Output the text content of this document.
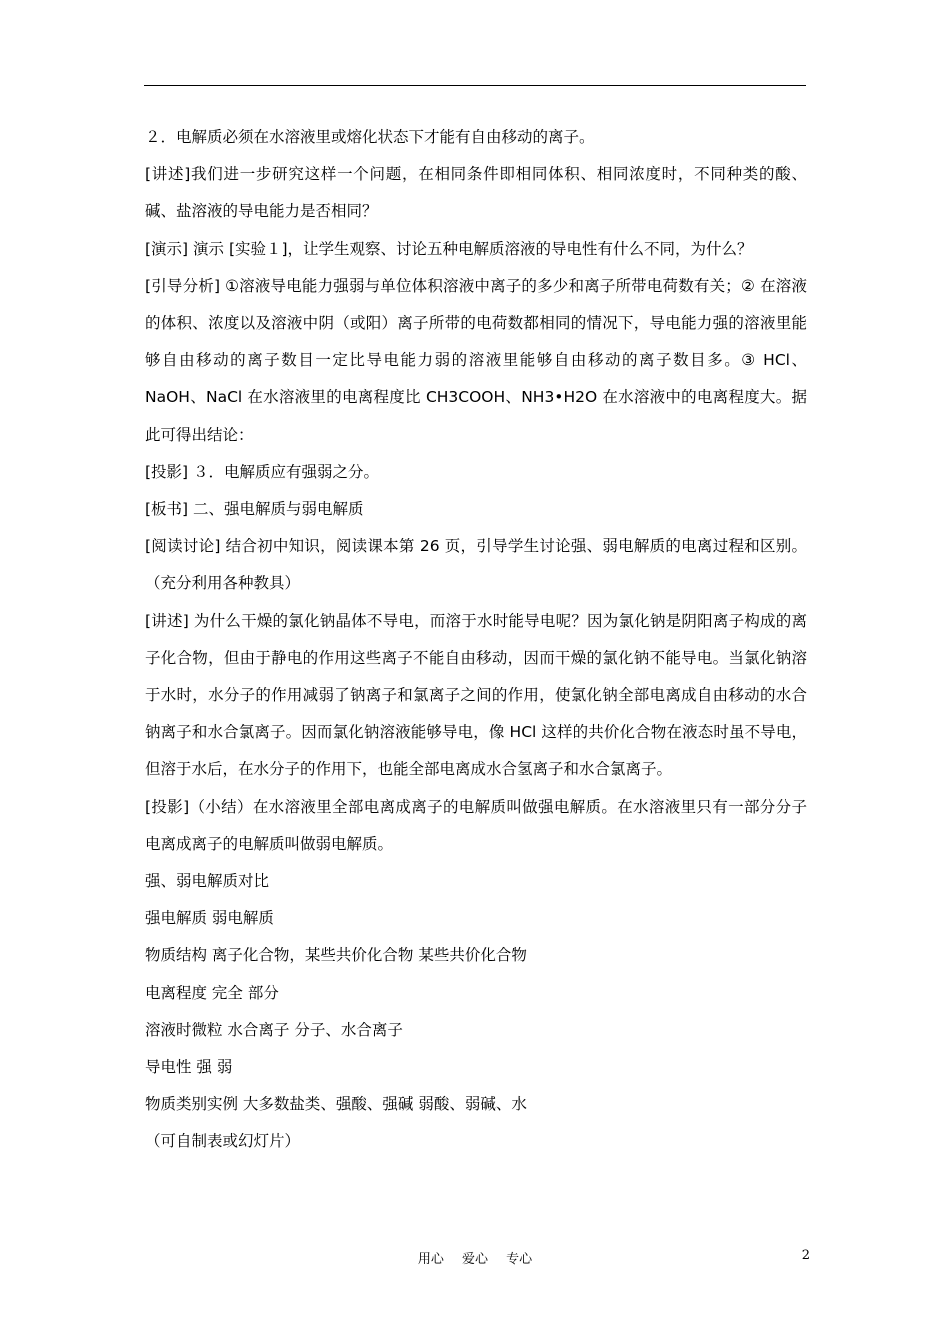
２．电解质必须在水溶液里或熔化状态下才能有自由移动的离子。

[讲述]我们进一步研究这样一个问题，在相同条件即相同体积、相同浓度时，不同种类的酸、碱、盐溶液的导电能力是否相同？

[演示] 演示 [实验１]，让学生观察、讨论五种电解质溶液的导电性有什么不同，为什么？

[引导分析] ①溶液导电能力强弱与单位体积溶液中离子的多少和离子所带电荷数有关；② 在溶液的体积、浓度以及溶液中阴（或阳）离子所带的电荷数都相同的情况下，导电能力强的溶液里能够自由移动的离子数目一定比导电能力弱的溶液里能够自由移动的离子数目多。③ HCl、NaOH、NaCl 在水溶液里的电离程度比 CH3COOH、NH3•H2O 在水溶液中的电离程度大。据此可得出结论：

[投影] ３．电解质应有强弱之分。

[板书] 二、强电解质与弱电解质

[阅读讨论] 结合初中知识，阅读课本第 26 页，引导学生讨论强、弱电解质的电离过程和区别。（充分利用各种教具）

[讲述] 为什么干燥的氯化钠晶体不导电，而溶于水时能导电呢？因为氯化钠是阴阳离子构成的离子化合物，但由于静电的作用这些离子不能自由移动，因而干燥的氯化钠不能导电。当氯化钠溶于水时，水分子的作用减弱了钠离子和氯离子之间的作用，使氯化钠全部电离成自由移动的水合钠离子和水合氯离子。因而氯化钠溶液能够导电，像 HCl 这样的共价化合物在液态时虽不导电，但溶于水后，在水分子的作用下，也能全部电离成水合氢离子和水合氯离子。

[投影]（小结）在水溶液里全部电离成离子的电解质叫做强电解质。在水溶液里只有一部分分子电离成离子的电解质叫做弱电解质。

强、弱电解质对比

强电解质 弱电解质

物质结构 离子化合物，某些共价化合物 某些共价化合物

电离程度 完全 部分

溶液时微粒 水合离子 分子、水合离子

导电性 强 弱

物质类别实例 大多数盐类、强酸、强碱 弱酸、弱碱、水

（可自制表或幻灯片）

用心 爱心 专心	2
